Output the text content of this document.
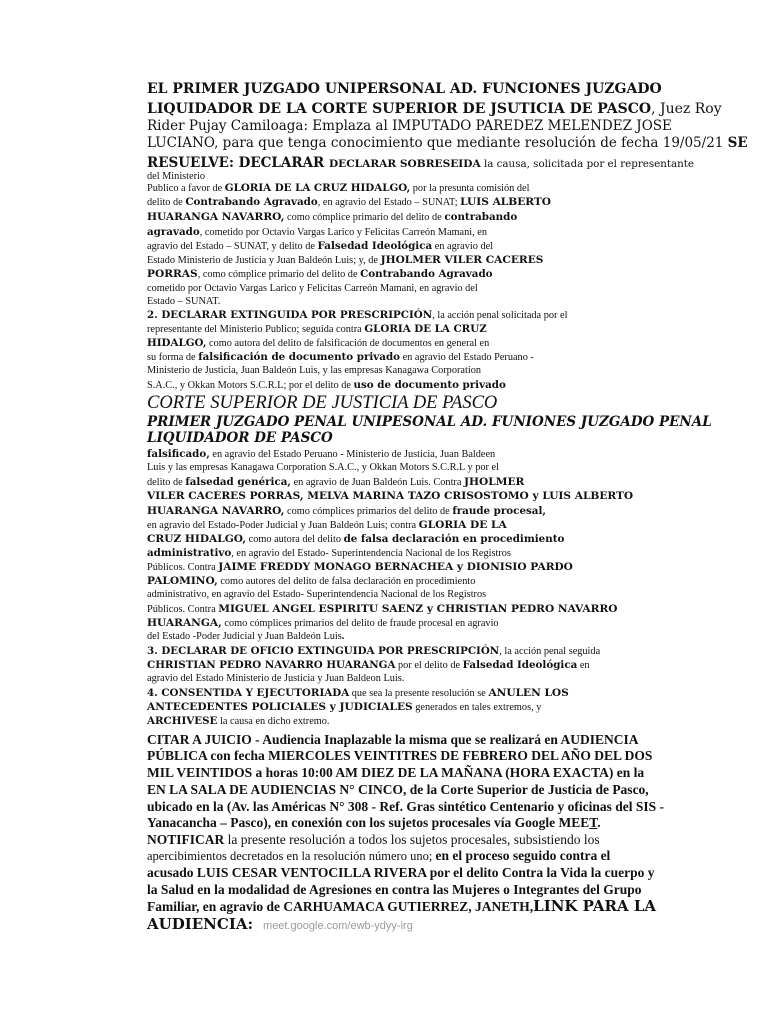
EL PRIMER JUZGADO UNIPERSONAL AD. FUNCIONES JUZGADO
LIQUIDADOR DE LA CORTE SUPERIOR DE JSUTICIA DE PASCO, Juez Roy
Rider Pujay Camiloaga: Emplaza al IMPUTADO PAREDEZ MELENDEZ JOSE
LUCIANO, para que tenga conocimiento que mediante resolución de fecha 19/05/21 SE
RESUELVE: DECLARAR DECLARAR SOBRESEIDA la causa, solicitada por el representante
del Ministerio
Publico a favor de GLORIA DE LA CRUZ HIDALGO, por la presunta comisión del
delito de Contrabando Agravado, en agravio del Estado – SUNAT; LUIS ALBERTO
HUARANGA NAVARRO, como cómplice primario del delito de contrabando
agravado, cometido por Octavio Vargas Larico y Felicitas Carreón Mamani, en
agravio del Estado – SUNAT, y delito de Falsedad Ideológica en agravio del
Estado Ministerio de Justicia y Juan Baldeón Luis; y, de JHOLMER VILER CACERES
PORRAS, como cómplice primario del delito de Contrabando Agravado
cometido por Octavio Vargas Larico y Felicitas Carreón Mamani, en agravio del
Estado – SUNAT.
2. DECLARAR EXTINGUIDA POR PRESCRIPCIÓN, la acción penal solicitada por el
representante del Ministerio Publico; seguida contra GLORIA DE LA CRUZ
HIDALGO, como autora del delito de falsificación de documentos en general en
su forma de falsificación de documento privado en agravio del Estado Peruano -
Ministerio de Justicia, Juan Baldeón Luis, y las empresas Kanagawa Corporation
S.A.C., y Okkan Motors S.C.R.L; por el delito de uso de documento privado
CORTE SUPERIOR DE JUSTICIA DE PASCO
PRIMER JUZGADO PENAL UNIPESONAL AD. FUNIONES JUZGADO PENAL
LIQUIDADOR DE PASCO
falsificado, en agravio del Estado Peruano - Ministerio de Justicia, Juan Baldeen
Luis y las empresas Kanagawa Corporation S.A.C., y Okkan Motors S.C.R.L y por el
delito de falsedad genérica, en agravio de Juan Baldeón Luis. Contra JHOLMER
VILER CACERES PORRAS, MELVA MARINA TAZO CRISOSTOMO y LUIS ALBERTO
HUARANGA NAVARRO, como cómplices primarios del delito de fraude procesal,
en agravio del Estado-Poder Judicial y Juan Baldeón Luis; contra GLORIA DE LA
CRUZ HIDALGO, como autora del delito de falsa declaración en procedimiento
administrativo, en agravio del Estado- Superintendencia Nacional de los Registros
Públicos. Contra JAIME FREDDY MONAGO BERNACHEA y DIONISIO PARDO
PALOMINO, como autores del delito de falsa declaración en procedimiento
administrativo, en agravio del Estado- Superintendencia Nacional de los Registros
Públicos. Contra MIGUEL ANGEL ESPIRITU SAENZ y CHRISTIAN PEDRO NAVARRO
HUARANGA, como cómplices primarios del delito de fraude procesal en agravio
del Estado -Poder Judicial y Juan Baldeón Luis.
3. DECLARAR DE OFICIO EXTINGUIDA POR PRESCRIPCIÓN, la acción penal seguida
CHRISTIAN PEDRO NAVARRO HUARANGA por el delito de Falsedad Ideológica en
agravio del Estado Ministerio de Justicia y Juan Baldeon Luis.
4. CONSENTIDA Y EJECUTORIADA que sea la presente resolución se ANULEN LOS
ANTECEDENTES POLICIALES y JUDICIALES generados en tales extremos, y
ARCHIVESE la causa en dicho extremo.
CITAR A JUICIO - Audiencia Inaplazable la misma que se realizará en AUDIENCIA
PÚBLICA con fecha MIERCOLES VEINTITRES DE FEBRERO DEL AÑO DEL DOS
MIL VEINTIDOS a horas 10:00 AM DIEZ DE LA MAÑANA (HORA EXACTA) en la
EN LA SALA DE AUDIENCIAS N° CINCO, de la Corte Superior de Justicia de Pasco,
ubicado en la (Av. las Américas N° 308 - Ref. Gras sintético Centenario y oficinas del SIS -
Yanacancha – Pasco), en conexión con los sujetos procesales vía Google MEET.
NOTIFICAR la presente resolución a todos los sujetos procesales, subsistiendo los
apercibimientos decretados en la resolución número uno; en el proceso seguido contra el
acusado LUIS CESAR VENTOCILLA RIVERA por el delito Contra la Vida la cuerpo y
la Salud en la modalidad de Agresiones en contra las Mujeres o Integrantes del Grupo
Familiar, en agravio de CARHUAMACA GUTIERREZ, JANETH,LINK PARA LA
AUDIENCIA: meet.google.com/ewb-ydyy-irg
